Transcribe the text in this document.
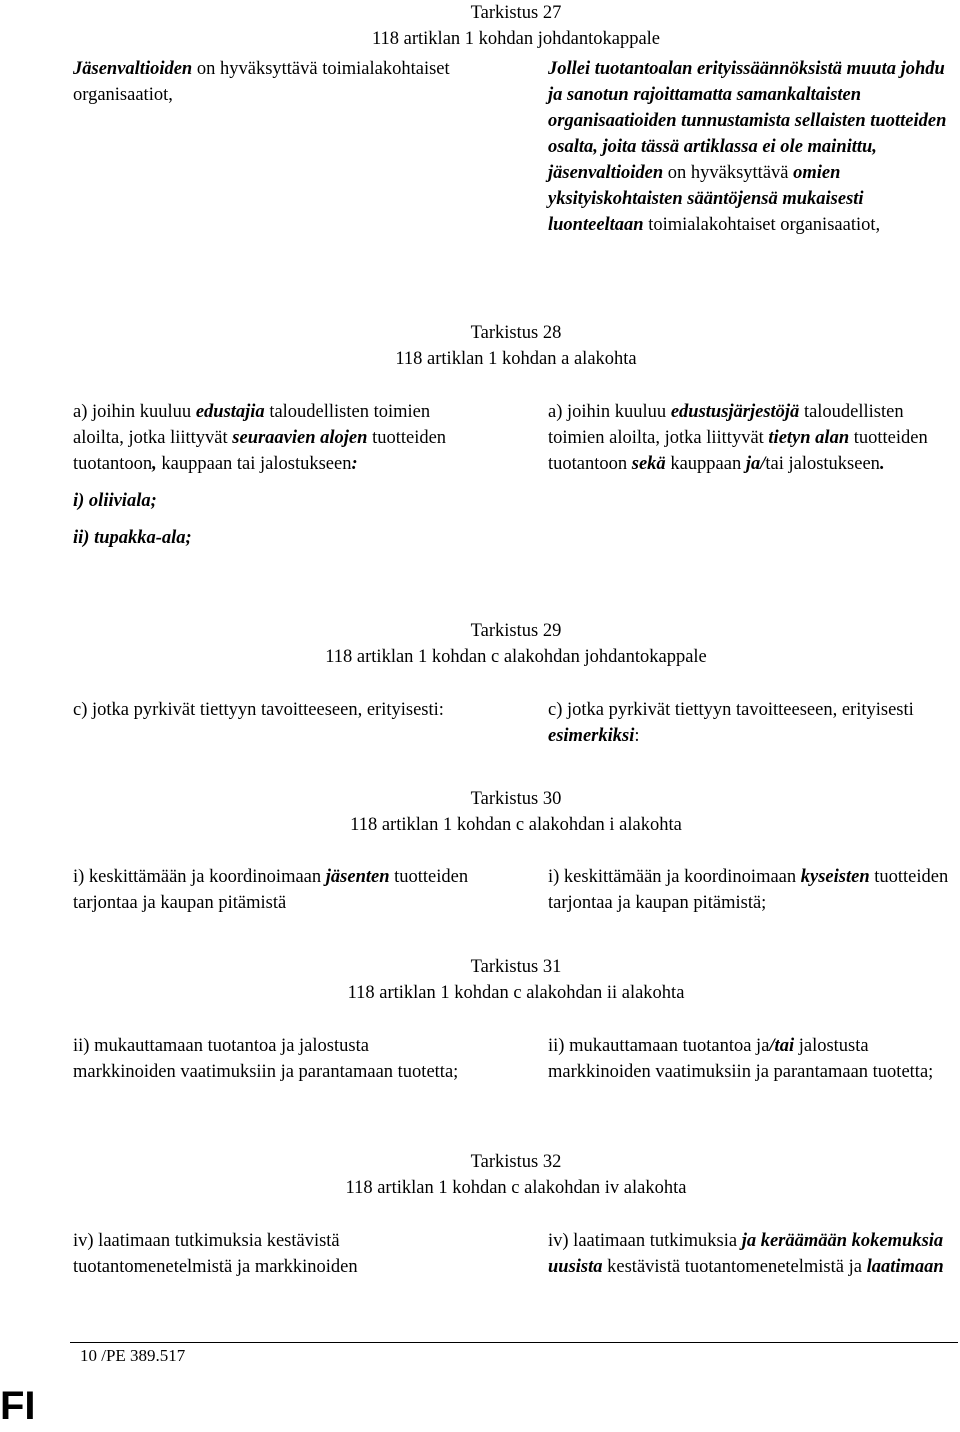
Tarkistus 27
118 artiklan 1 kohdan johdantokappale

Jäsenvaltioiden on hyväksyttävä toimialakohtaiset organisaatiot,

Jollei tuotantoalan erityissäännöksistä muuta johdu ja sanotun rajoittamatta samankaltaisten organisaatioiden tunnustamista sellaisten tuotteiden osalta, joita tässä artiklassa ei ole mainittu, jäsenvaltioiden on hyväksyttävä omien yksityiskohtaisten sääntöjensä mukaisesti luonteeltaan toimialakohtaiset organisaatiot,

Tarkistus 28
118 artiklan 1 kohdan a alakohta

a) joihin kuuluu edustajia taloudellisten toimien aloilta, jotka liittyvät seuraavien alojen tuotteiden tuotantoon, kauppaan tai jalostukseen:

i) oliiviala;

ii) tupakka-ala;

a) joihin kuuluu edustusjärjestöjä taloudellisten toimien aloilta, jotka liittyvät tietyn alan tuotteiden tuotantoon sekä kauppaan ja/tai jalostukseen.

Tarkistus 29
118 artiklan 1 kohdan c alakohdan johdantokappale

c) jotka pyrkivät tiettyyn tavoitteeseen, erityisesti:	c) jotka pyrkivät tiettyyn tavoitteeseen, erityisesti esimerkiksi:

Tarkistus 30
118 artiklan 1 kohdan c alakohdan i alakohta

i) keskittämään ja koordinoimaan jäsenten tuotteiden tarjontaa ja kaupan pitämistä

i) keskittämään ja koordinoimaan kyseisten tuotteiden tarjontaa ja kaupan pitämistä;

Tarkistus 31
118 artiklan 1 kohdan c alakohdan ii alakohta

ii) mukauttamaan tuotantoa ja jalostusta markkinoiden vaatimuksiin ja parantamaan tuotetta;

ii) mukauttamaan tuotantoa ja/tai jalostusta markkinoiden vaatimuksiin ja parantamaan tuotetta;

Tarkistus 32
118 artiklan 1 kohdan c alakohdan iv alakohta

iv) laatimaan tutkimuksia kestävistä tuotantomenetelmistä ja markkinoiden

iv) laatimaan tutkimuksia ja keräämään kokemuksia uusista kestävistä tuotantomenetelmistä ja laatimaan

10 /PE 389.517
FI
